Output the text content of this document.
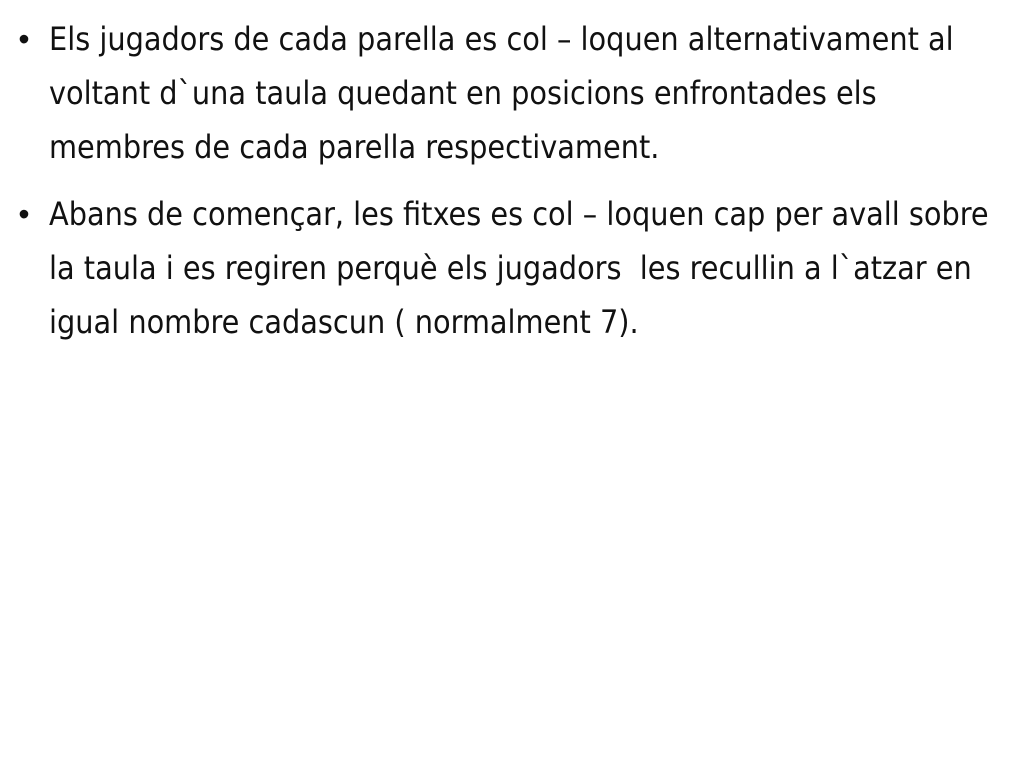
• Els jugadors de cada parella es col – loquen alternativament al voltant d`una taula quedant en posicions enfrontades els membres de cada parella respectivament.
• Abans de començar, les fitxes es col – loquen cap per avall sobre la taula i es regiren perquè els jugadors  les recullin a l`atzar en igual nombre cadascun ( normalment 7).
